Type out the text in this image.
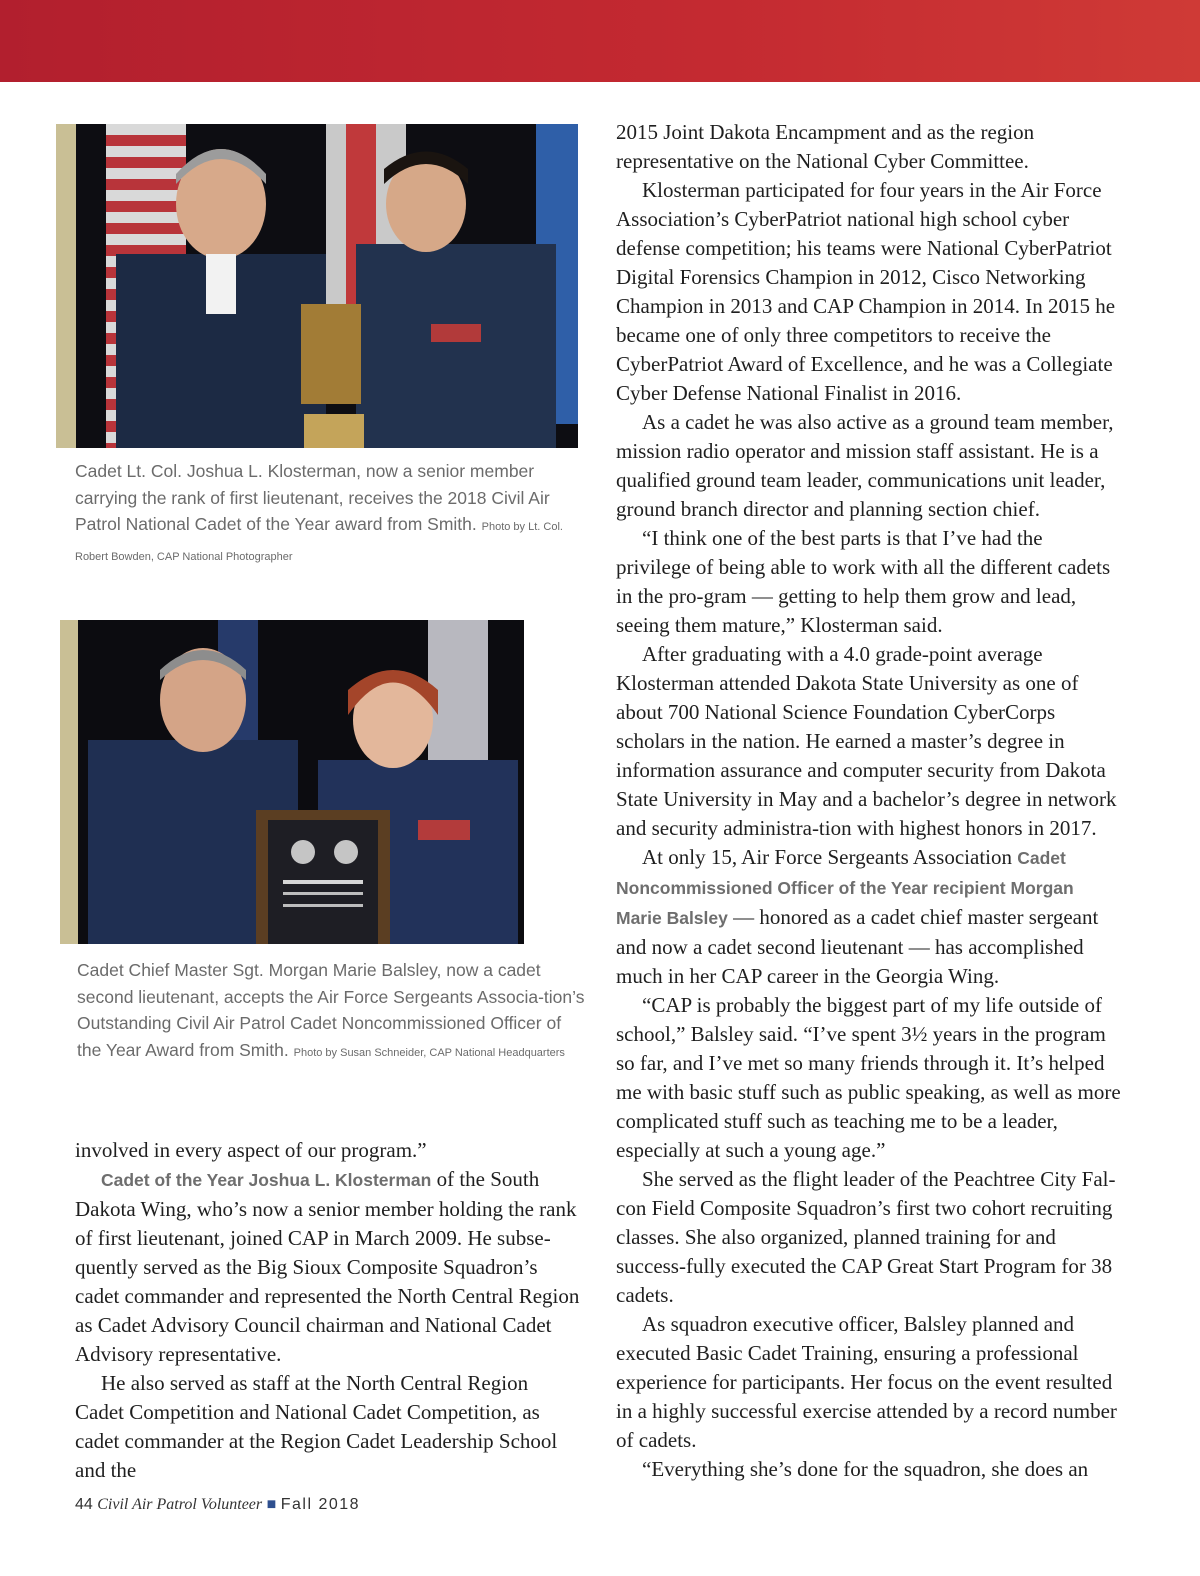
Cadet Lt. Col. Joshua L. Klosterman, now a senior member carrying the rank of first lieutenant, receives the 2018 Civil Air Patrol National Cadet of the Year award from Smith. Photo by Lt. Col. Robert Bowden, CAP National Photographer
Cadet Chief Master Sgt. Morgan Marie Balsley, now a cadet second lieutenant, accepts the Air Force Sergeants Associa-tion’s Outstanding Civil Air Patrol Cadet Noncommissioned Officer of the Year Award from Smith. Photo by Susan Schneider, CAP National Headquarters

involved in every aspect of our program.”

Cadet of the Year Joshua L. Klosterman of the South Dakota Wing, who’s now a senior member holding the rank of first lieutenant, joined CAP in March 2009. He subse-quently served as the Big Sioux Composite Squadron’s cadet commander and represented the North Central Region as Cadet Advisory Council chairman and National Cadet Advisory representative.

He also served as staff at the North Central Region Cadet Competition and National Cadet Competition, as cadet commander at the Region Cadet Leadership School and the

2015 Joint Dakota Encampment and as the region representative on the National Cyber Committee.

Klosterman participated for four years in the Air Force Association’s CyberPatriot national high school cyber defense competition; his teams were National CyberPatriot Digital Forensics Champion in 2012, Cisco Networking Champion in 2013 and CAP Champion in 2014. In 2015 he became one of only three competitors to receive the CyberPatriot Award of Excellence, and he was a Collegiate Cyber Defense National Finalist in 2016.

As a cadet he was also active as a ground team member, mission radio operator and mission staff assistant. He is a qualified ground team leader, communications unit leader, ground branch director and planning section chief.

“I think one of the best parts is that I’ve had the privilege of being able to work with all the different cadets in the pro-gram — getting to help them grow and lead, seeing them mature,” Klosterman said.

After graduating with a 4.0 grade-point average Klosterman attended Dakota State University as one of about 700 National Science Foundation CyberCorps scholars in the nation. He earned a master’s degree in information assurance and computer security from Dakota State University in May and a bachelor’s degree in network and security administra-tion with highest honors in 2017.

At only 15, Air Force Sergeants Association Cadet Noncommissioned Officer of the Year recipient Morgan Marie Balsley — honored as a cadet chief master sergeant and now a cadet second lieutenant — has accomplished much in her CAP career in the Georgia Wing.

“CAP is probably the biggest part of my life outside of school,” Balsley said. “I’ve spent 3½ years in the program so far, and I’ve met so many friends through it. It’s helped me with basic stuff such as public speaking, as well as more complicated stuff such as teaching me to be a leader, especially at such a young age.”

She served as the flight leader of the Peachtree City Fal-con Field Composite Squadron’s first two cohort recruiting classes. She also organized, planned training for and success-fully executed the CAP Great Start Program for 38 cadets.

As squadron executive officer, Balsley planned and executed Basic Cadet Training, ensuring a professional experience for participants. Her focus on the event resulted in a highly successful exercise attended by a record number of cadets.

“Everything she’s done for the squadron, she does an

44 Civil Air Patrol Volunteer ■ Fall 2018
